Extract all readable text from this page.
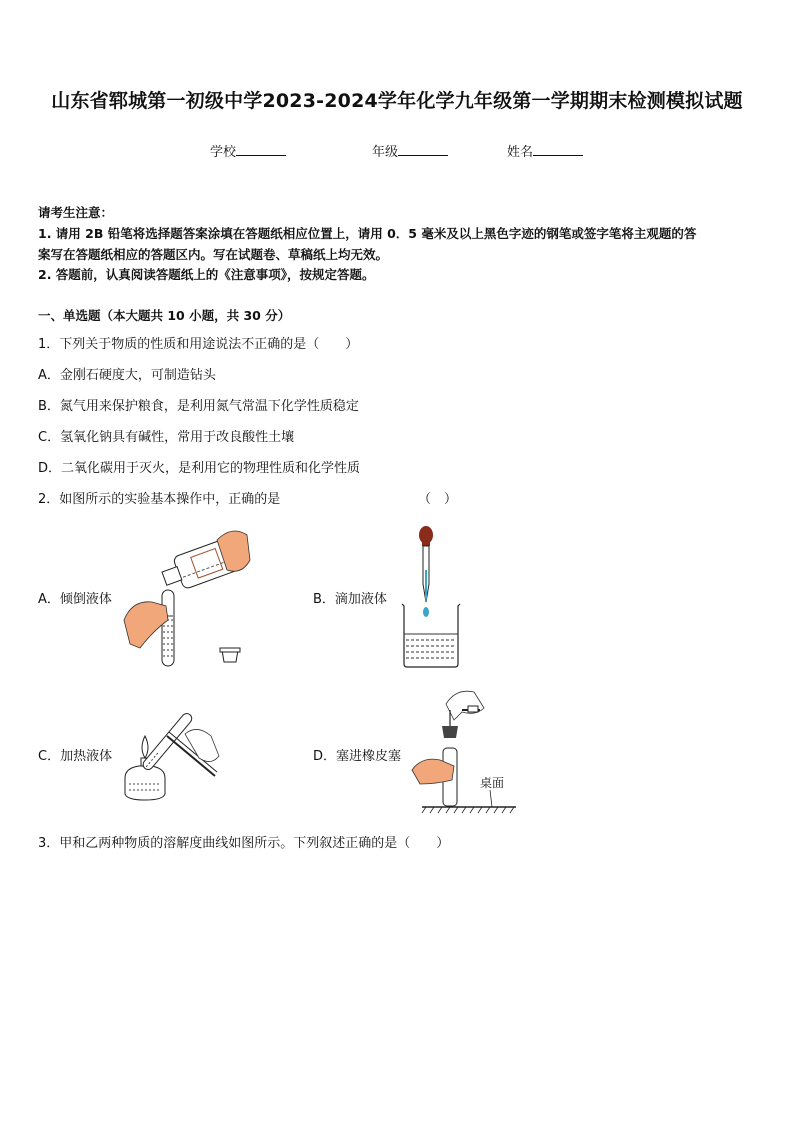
山东省郓城第一初级中学2023-2024学年化学九年级第一学期期末检测模拟试题
学校	年级	姓名
请考生注意：
1. 请用 2B 铅笔将选择题答案涂填在答题纸相应位置上，请用 0．5 毫米及以上黑色字迹的钢笔或签字笔将主观题的答
案写在答题纸相应的答题区内。写在试题卷、草稿纸上均无效。
2. 答题前，认真阅读答题纸上的《注意事项》，按规定答题。
一、单选题（本大题共 10 小题，共 30 分）
1．下列关于物质的性质和用途说法不正确的是（　　）
A．金刚石硬度大，可制造钻头
B．氮气用来保护粮食，是利用氮气常温下化学性质稳定
C．氢氧化钠具有碱性，常用于改良酸性土壤
D．二氧化碳用于灭火，是利用它的物理性质和化学性质
2．如图所示的实验基本操作中，正确的是	（　）
A．倾倒液体	B．滴加液体
C．加热液体	D．塞进橡皮塞
桌面
3．甲和乙两种物质的溶解度曲线如图所示。下列叙述正确的是（　　）
